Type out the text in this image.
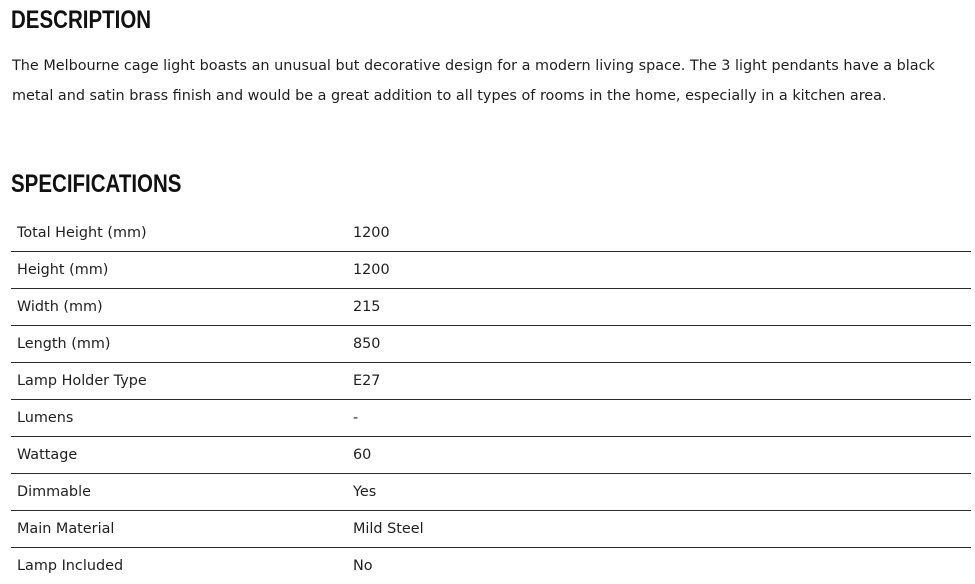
DESCRIPTION

The Melbourne cage light boasts an unusual but decorative design for a modern living space. The 3 light pendants have a black metal and satin brass finish and would be a great addition to all types of rooms in the home, especially in a kitchen area.

SPECIFICATIONS
Total Height (mm)	1200
Height (mm)	1200
Width (mm)	215
Length (mm)	850
Lamp Holder Type	E27
Lumens	-
Wattage	60
Dimmable	Yes
Main Material	Mild Steel
Lamp Included	No
